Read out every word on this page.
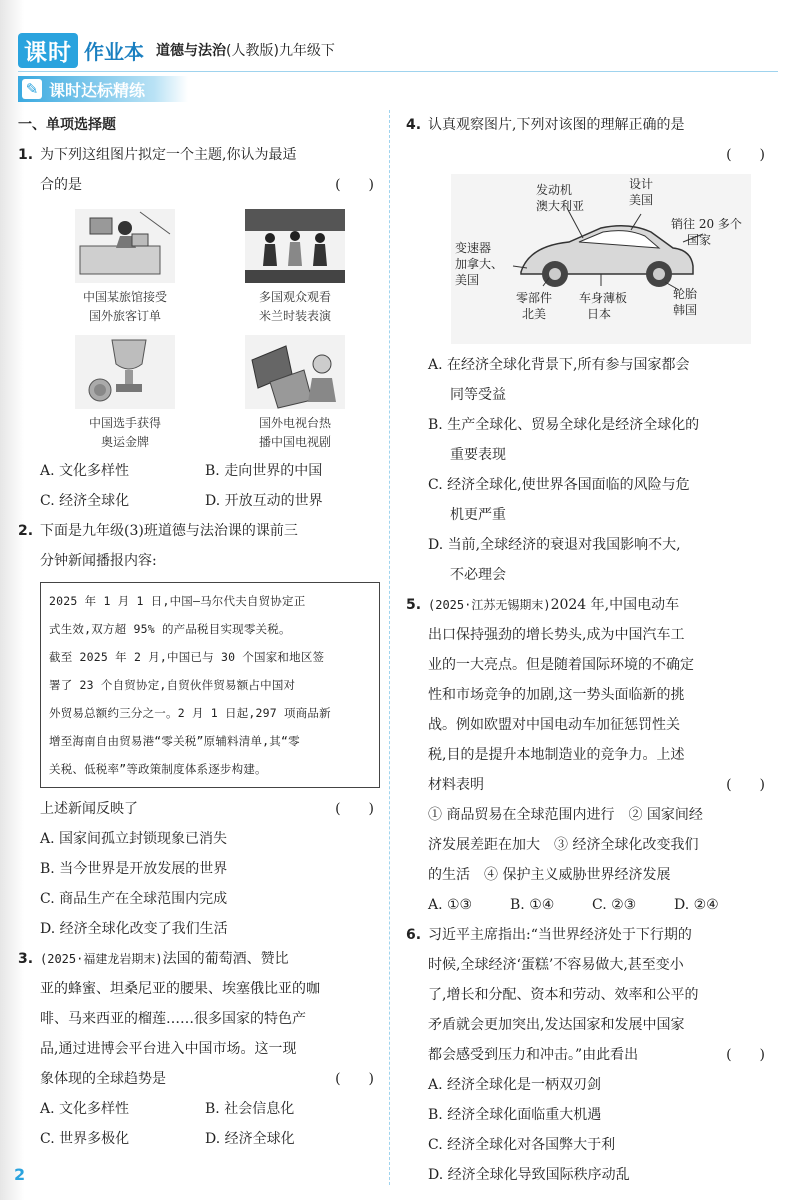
课时 作业本 道德与法治(人教版)九年级下
✎ 课时达标精练
一、单项选择题
1. 为下列这组图片拟定一个主题,你认为最适
合的是	(　　)
中国某旅馆接受
国外旅客订单
多国观众观看
米兰时装表演
中国选手获得
奥运金牌
国外电视台热
播中国电视剧
A. 文化多样性	B. 走向世界的中国
C. 经济全球化	D. 开放互动的世界
2. 下面是九年级(3)班道德与法治课的课前三
分钟新闻播报内容:
2025 年 1 月 1 日,中国—马尔代夫自贸协定正
式生效,双方超 95% 的产品税目实现零关税。
截至 2025 年 2 月,中国已与 30 个国家和地区签
署了 23 个自贸协定,自贸伙伴贸易额占中国对
外贸易总额约三分之一。2 月 1 日起,297 项商品新
增至海南自由贸易港“零关税”原辅料清单,其“零
关税、低税率”等政策制度体系逐步构建。
上述新闻反映了	(　　)
A. 国家间孤立封锁现象已消失
B. 当今世界是开放发展的世界
C. 商品生产在全球范围内完成
D. 经济全球化改变了我们生活
3. (2025·福建龙岩期末)法国的葡萄酒、赞比
亚的蜂蜜、坦桑尼亚的腰果、埃塞俄比亚的咖
啡、马来西亚的榴莲……很多国家的特色产
品,通过进博会平台进入中国市场。这一现
象体现的全球趋势是	(　　)
A. 文化多样性	B. 社会信息化
C. 世界多极化	D. 经济全球化
4. 认真观察图片,下列对该图的理解正确的是
(　　)
发动机
澳大利亚
设计
美国
销往 20 多个
国家
变速器
加拿大、
美国
零部件
北美
车身薄板
日本
轮胎
韩国
A. 在经济全球化背景下,所有参与国家都会
同等受益
B. 生产全球化、贸易全球化是经济全球化的
重要表现
C. 经济全球化,使世界各国面临的风险与危
机更严重
D. 当前,全球经济的衰退对我国影响不大,
不必理会
5. (2025·江苏无锡期末)2024 年,中国电动车
出口保持强劲的增长势头,成为中国汽车工
业的一大亮点。但是随着国际环境的不确定
性和市场竞争的加剧,这一势头面临新的挑
战。例如欧盟对中国电动车加征惩罚性关
税,目的是提升本地制造业的竞争力。上述
材料表明	(　　)
① 商品贸易在全球范围内进行　② 国家间经
济发展差距在加大　③ 经济全球化改变我们
的生活　④ 保护主义威胁世界经济发展
A. ①③	B. ①④	C. ②③	D. ②④
6. 习近平主席指出:“当世界经济处于下行期的
时候,全球经济‘蛋糕’不容易做大,甚至变小
了,增长和分配、资本和劳动、效率和公平的
矛盾就会更加突出,发达国家和发展中国家
都会感受到压力和冲击。”由此看出	(　　)
A. 经济全球化是一柄双刃剑
B. 经济全球化面临重大机遇
C. 经济全球化对各国弊大于利
D. 经济全球化导致国际秩序动乱
2
